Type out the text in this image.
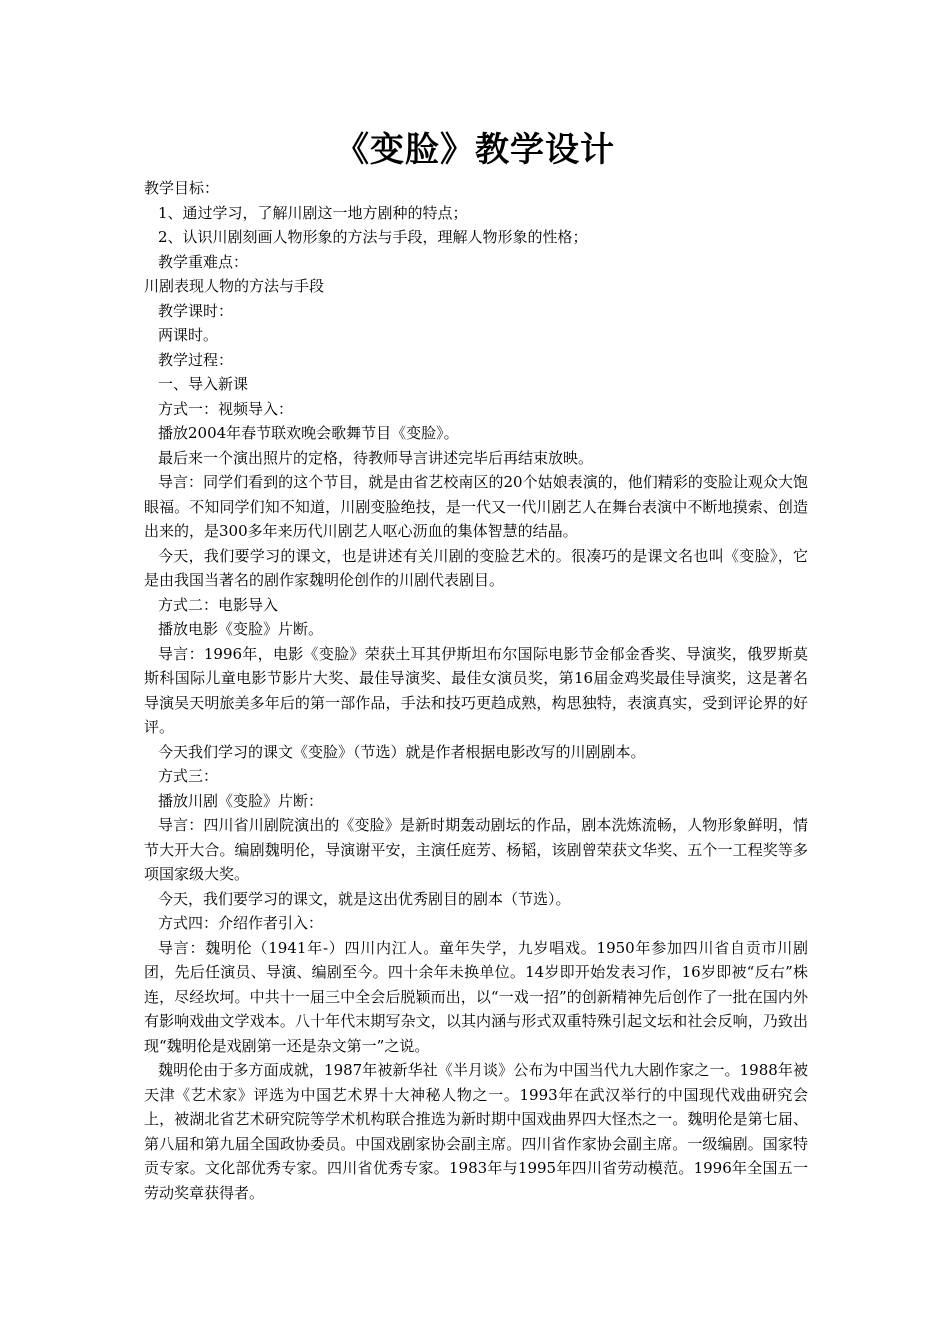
《变脸》教学设计

教学目标：

1、通过学习，了解川剧这一地方剧种的特点；

2、认识川剧刻画人物形象的方法与手段，理解人物形象的性格；

教学重难点：

川剧表现人物的方法与手段

教学课时：

两课时。

教学过程：

一、导入新课

方式一：视频导入：

播放2004年春节联欢晚会歌舞节目《变脸》。

最后来一个演出照片的定格，待教师导言讲述完毕后再结束放映。

导言：同学们看到的这个节目，就是由省艺校南区的20个姑娘表演的，他们精彩的变脸让观众大饱眼福。不知同学们知不知道，川剧变脸绝技，是一代又一代川剧艺人在舞台表演中不断地摸索、创造出来的，是300多年来历代川剧艺人呕心沥血的集体智慧的结晶。

今天，我们要学习的课文，也是讲述有关川剧的变脸艺术的。很凑巧的是课文名也叫《变脸》，它是由我国当著名的剧作家魏明伦创作的川剧代表剧目。

方式二：电影导入

播放电影《变脸》片断。

导言：1996年，电影《变脸》荣获土耳其伊斯坦布尔国际电影节金郁金香奖、导演奖，俄罗斯莫斯科国际儿童电影节影片大奖、最佳导演奖、最佳女演员奖，第16届金鸡奖最佳导演奖，这是著名导演吴天明旅美多年后的第一部作品，手法和技巧更趋成熟，构思独特，表演真实，受到评论界的好评。

今天我们学习的课文《变脸》（节选）就是作者根据电影改写的川剧剧本。

方式三：

播放川剧《变脸》片断：

导言：四川省川剧院演出的《变脸》是新时期轰动剧坛的作品，剧本洗炼流畅，人物形象鲜明，情节大开大合。编剧魏明伦，导演谢平安，主演任庭芳、杨韬，该剧曾荣获文华奖、五个一工程奖等多项国家级大奖。

今天，我们要学习的课文，就是这出优秀剧目的剧本（节选）。

方式四：介绍作者引入：

导言：魏明伦（1941年-）四川内江人。童年失学，九岁唱戏。1950年参加四川省自贡市川剧团，先后任演员、导演、编剧至今。四十余年未换单位。14岁即开始发表习作，16岁即被“反右”株连，尽经坎坷。中共十一届三中全会后脱颖而出，以“一戏一招”的创新精神先后创作了一批在国内外有影响戏曲文学戏本。八十年代末期写杂文，以其内涵与形式双重特殊引起文坛和社会反响，乃致出现“魏明伦是戏剧第一还是杂文第一”之说。

魏明伦由于多方面成就，1987年被新华社《半月谈》公布为中国当代九大剧作家之一。1988年被天津《艺术家》评选为中国艺术界十大神秘人物之一。1993年在武汉举行的中国现代戏曲研究会上，被湖北省艺术研究院等学术机构联合推选为新时期中国戏曲界四大怪杰之一。魏明伦是第七届、第八届和第九届全国政协委员。中国戏剧家协会副主席。四川省作家协会副主席。一级编剧。国家特贡专家。文化部优秀专家。四川省优秀专家。1983年与1995年四川省劳动模范。1996年全国五一劳动奖章获得者。
